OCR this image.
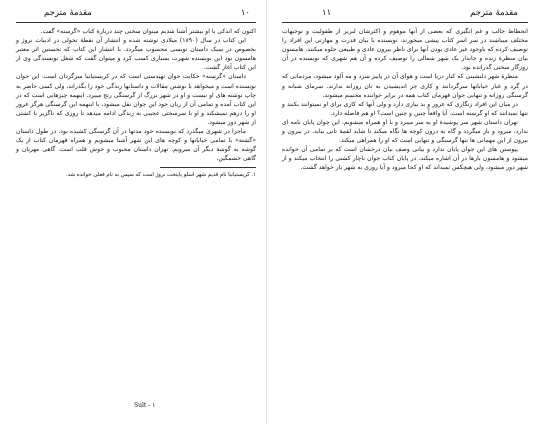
۱۰
مقدمهٔ مترجم

اکنون که اندکی با او بیشتر آشنا شدیم میتوان سخنی چند دربارهٔ کتاب «گرسنه» گفت.

این کتاب در سال (۱۸۹۰) میلادی نوشته شده و انتشار آن نقطهٔ تحولی در ادبیات نروژ و بخصوص در سبک داستان نویسی محسوب میگردد. با انتشار این کتاب که نخستین اثر معتبر هامسون بود این نویسنده شهرت بسیاری کسب کرد و میتوان گفت که شغل نویسندگی وی از این کتاب آغاز گشت.

داستان «گرسنه» حکایت جوان تهیدستی است که در کریستیانیا سرگردان است. این جوان نویسنده است و میخواهد با نوشتن مقالات و داستانها زندگی خود را بگذراند، ولی کسی حاضر به چاپ نوشته های او نیست و او در شهر بزرگ از گرسنگی رنج میبرد. اینهمه چیزهایی است که در این کتاب آمده و تمامی آن از زبان خود این جوان نقل میشود. با اینهمه این گرسنگی هرگز غرور او را درهم نمیشکند و او با سرسختی عجیبی به زندگی ادامه میدهد تا روزی که ناگزیر با کشتی از شهر دور میشود.

ماجرا در شهری میگذرد که نویسنده خود مدتها در آن گرسنگی کشیده بود. در طول داستان «گشته» با تمامی خیابانها و کوچه های این شهر آشنا میشویم و همراه قهرمان کتاب از یک گوشه به گوشهٔ دیگر آن میرویم. تهران داستان محبوب و خوش قلب است. گاهی مهربان و گاهی خشمگین.

۱. کریستیانیا نام قدیم شهر اسلو پایتخت نروژ است که سپس به نام فعلی خوانده شد.

Sult - ۱
۱۱	مقدمهٔ مترجم

انحطاط جالب و غم انگیزی که بعضی از آنها موهوم و اکثرشان لبریز از طفولیت و توجیهات مختلف میباشند در سر اسر کتاب پیشی میخورند. نویسنده با بیان قدرت و مهارتی این افراد را توصیف کرده که باوجود غیر عادی بودن آنها برای ناظر بیرون عادی و طبیعی جلوه میکنند. هامسون بیان منظرهٔ زنده و جاندار یک شهر شمالی را توصیف کرده و آن هم شهری که نویسنده در آن روزگار سختی گذرانده بود.

منظرهٔ شهر دلنشینی که کنار دریا است و هوای آن در پاییز سرد و مه آلود میشود، مردمانی که در گرد و غبار خیابانها سرگردانند و کاری جز اندیشیدن به نان روزانه ندارند. سرمای شبانه و گرسنگی روزانه و تنهایی جوان قهرمان کتاب همه در برابر خواننده مجسم میشوند.

در میان این افراد زنگاری که غرور و بد بیاری دارد و ولی آنها که کاری برای او نمیتوانند بکنند و تنها نمیدانند که او گرسنه است. آیا واقعاً چنین و چنین است؟ او هم فاصله دارد.

تهران داستان شهر سر پوشیدهٔ او به سر میبرد و با او همراه میشویم. این جوان پایان نامه ای ندارد، میرود و باز میگردد و گاه به درون کوچه ها نگاه میکند تا شاید لقمهٔ نانی بیابد. در بیرون و بیرون از این مهمانی ها تنها گرسنگی و تنهایی است که او را همراهی میکند.

پیوستن های این جوان پایان ندارد و بیانی وصف بیان درخشان است که بر تمامی آن خوانده میشود و هامسون بارها در آن اشاره میکند. در پایان کتاب جوان ناچار کشتی را انتخاب میکند و از شهر دور میشود، ولی هیچکس نمیداند که او کجا میرود و آیا روزی به شهر باز خواهد گشت.
